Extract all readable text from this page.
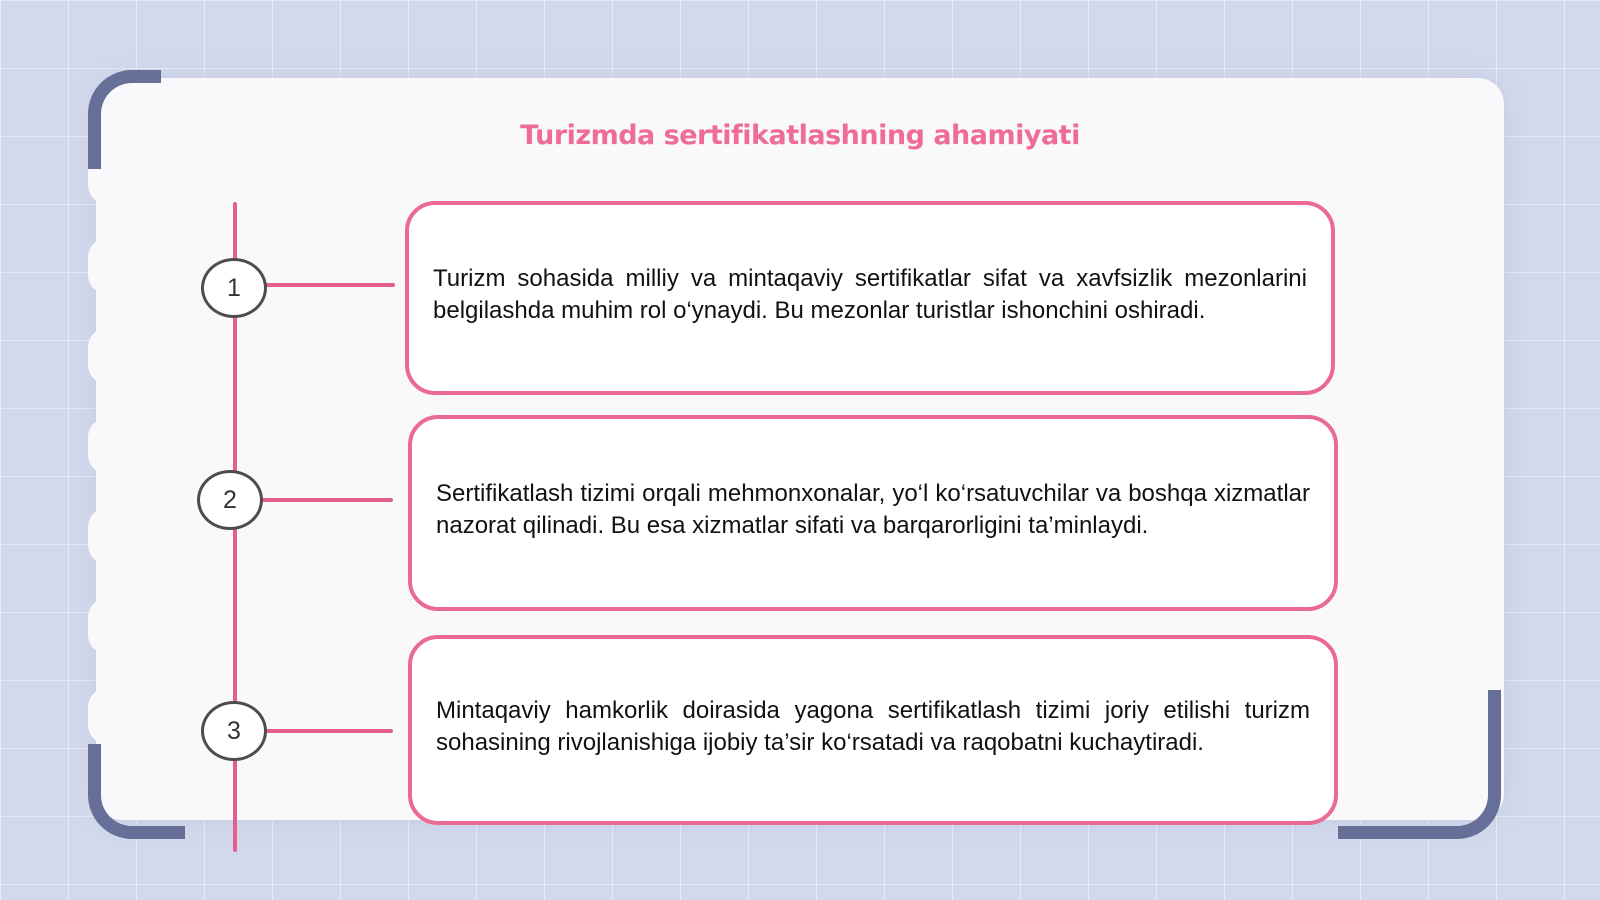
Turizmda sertifikatlashning ahamiyati
1
2
3
Turizm sohasida milliy va mintaqaviy sertifikatlar sifat va xavfsizlik mezonlarini belgilashda muhim rol o‘ynaydi. Bu mezonlar turistlar ishonchini oshiradi.
Sertifikatlash tizimi orqali mehmonxonalar, yo‘l ko‘rsatuvchilar va boshqa xizmatlar nazorat qilinadi. Bu esa xizmatlar sifati va barqarorligini ta’minlaydi.
Mintaqaviy hamkorlik doirasida yagona sertifikatlash tizimi joriy etilishi turizm sohasining rivojlanishiga ijobiy ta’sir ko‘rsatadi va raqobatni kuchaytiradi.
